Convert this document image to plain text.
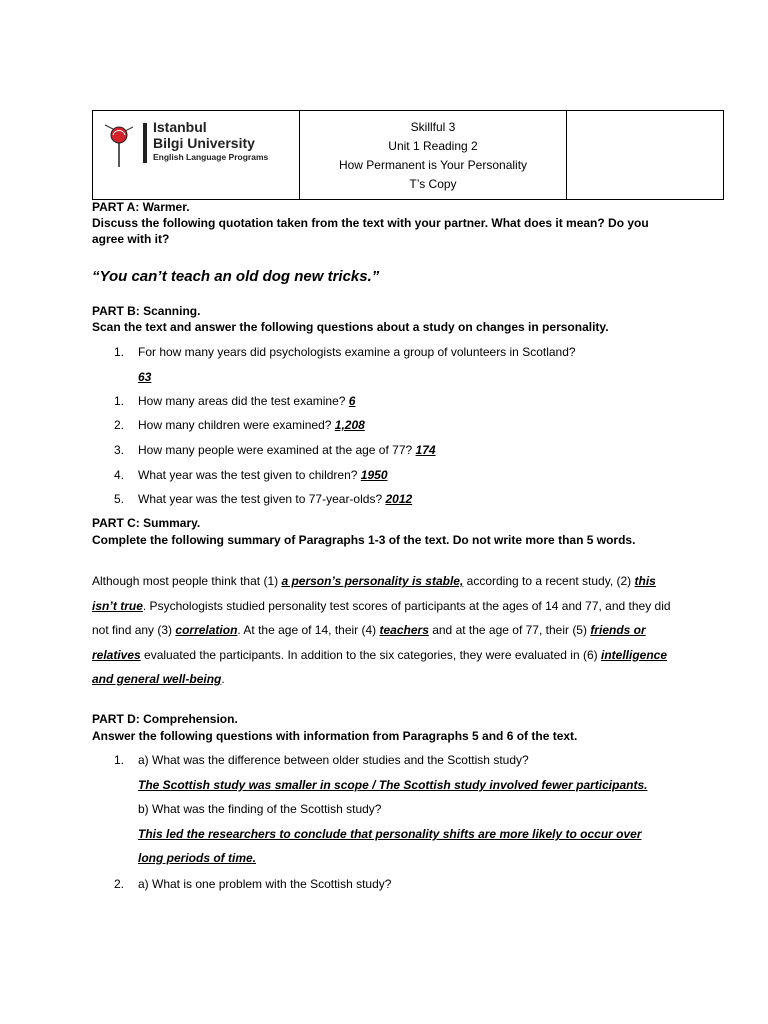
Istanbul
Bilgi University
English Language Programs
Skillful 3
Unit 1 Reading 2
How Permanent is Your Personality
T’s Copy
PART A: Warmer.
Discuss the following quotation taken from the text with your partner. What does it mean? Do you
agree with it?
“You can’t teach an old dog new tricks.”
PART B: Scanning.
Scan the text and answer the following questions about a study on changes in personality.
1. For how many years did psychologists examine a group of volunteers in Scotland?
63
1. How many areas did the test examine? 6
2. How many children were examined? 1,208
3. How many people were examined at the age of 77? 174
4. What year was the test given to children? 1950
5. What year was the test given to 77-year-olds? 2012
PART C: Summary.
Complete the following summary of Paragraphs 1-3 of the text. Do not write more than 5 words.
Although most people think that (1) a person’s personality is stable, according to a recent study, (2) this isn’t true. Psychologists studied personality test scores of participants at the ages of 14 and 77, and they did not find any (3) correlation. At the age of 14, their (4) teachers and at the age of 77, their (5) friends or relatives evaluated the participants. In addition to the six categories, they were evaluated in (6) intelligence and general well-being.
PART D: Comprehension.
Answer the following questions with information from Paragraphs 5 and 6 of the text.
1. a) What was the difference between older studies and the Scottish study?
The Scottish study was smaller in scope / The Scottish study involved fewer participants.
b) What was the finding of the Scottish study?
This led the researchers to conclude that personality shifts are more likely to occur over
long periods of time.
2. a) What is one problem with the Scottish study?
